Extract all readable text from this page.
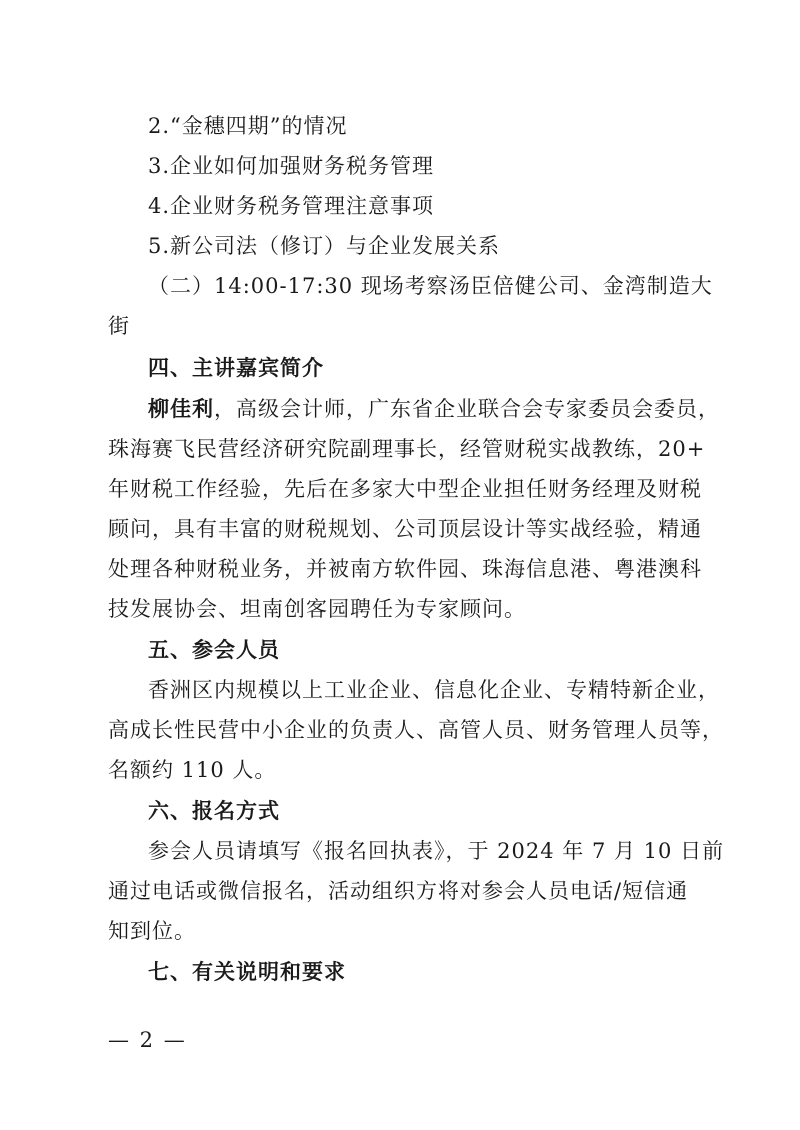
2.“金穗四期”的情况
3.企业如何加强财务税务管理
4.企业财务税务管理注意事项
5.新公司法（修订）与企业发展关系
（二）14:00-17:30 现场考察汤臣倍健公司、金湾制造大
街
四、主讲嘉宾简介
柳佳利，高级会计师，广东省企业联合会专家委员会委员，
珠海赛飞民营经济研究院副理事长，经管财税实战教练，20+
年财税工作经验，先后在多家大中型企业担任财务经理及财税
顾问，具有丰富的财税规划、公司顶层设计等实战经验，精通
处理各种财税业务，并被南方软件园、珠海信息港、粤港澳科
技发展协会、坦南创客园聘任为专家顾问。
五、参会人员
香洲区内规模以上工业企业、信息化企业、专精特新企业，
高成长性民营中小企业的负责人、高管人员、财务管理人员等，
名额约 110 人。
六、报名方式
参会人员请填写《报名回执表》，于 2024 年 7 月 10 日前
通过电话或微信报名，活动组织方将对参会人员电话/短信通
知到位。
七、有关说明和要求
— 2 —
